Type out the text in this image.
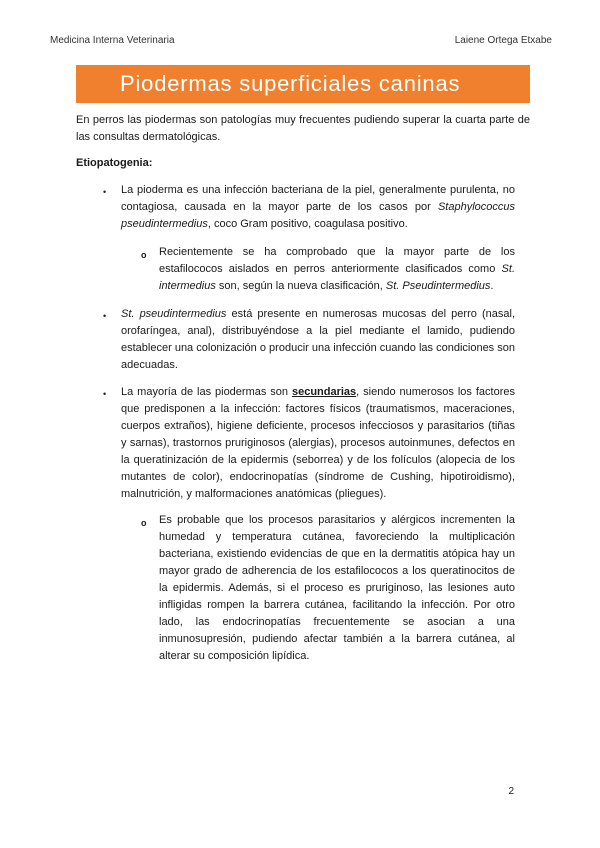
Medicina Interna Veterinaria	Laiene Ortega Etxabe
Piodermas superficiales caninas
En perros las piodermas son patologías muy frecuentes pudiendo superar la cuarta parte de las consultas dermatológicas.
Etiopatogenia:
• La pioderma es una infección bacteriana de la piel, generalmente purulenta, no contagiosa, causada en la mayor parte de los casos por Staphylococcus pseudintermedius, coco Gram positivo, coagulasa positivo.
o Recientemente se ha comprobado que la mayor parte de los estafilococos aislados en perros anteriormente clasificados como St. intermedius son, según la nueva clasificación, St. Pseudintermedius.
• St. pseudintermedius está presente en numerosas mucosas del perro (nasal, orofaríngea, anal), distribuyéndose a la piel mediante el lamido, pudiendo establecer una colonización o producir una infección cuando las condiciones son adecuadas.
• La mayoría de las piodermas son secundarias, siendo numerosos los factores que predisponen a la infección: factores físicos (traumatismos, maceraciones, cuerpos extraños), higiene deficiente, procesos infecciosos y parasitarios (tiñas y sarnas), trastornos pruriginosos (alergias), procesos autoinmunes, defectos en la queratinización de la epidermis (seborrea) y de los folículos (alopecia de los mutantes de color), endocrinopatías (síndrome de Cushing, hipotiroidismo), malnutrición, y malformaciones anatómicas (pliegues).
o Es probable que los procesos parasitarios y alérgicos incrementen la humedad y temperatura cutánea, favoreciendo la multiplicación bacteriana, existiendo evidencias de que en la dermatitis atópica hay un mayor grado de adherencia de los estafilococos a los queratinocitos de la epidermis. Además, si el proceso es pruriginoso, las lesiones auto infligidas rompen la barrera cutánea, facilitando la infección. Por otro lado, las endocrinopatías frecuentemente se asocian a una inmunosupresión, pudiendo afectar también a la barrera cutánea, al alterar su composición lipídica.
2
